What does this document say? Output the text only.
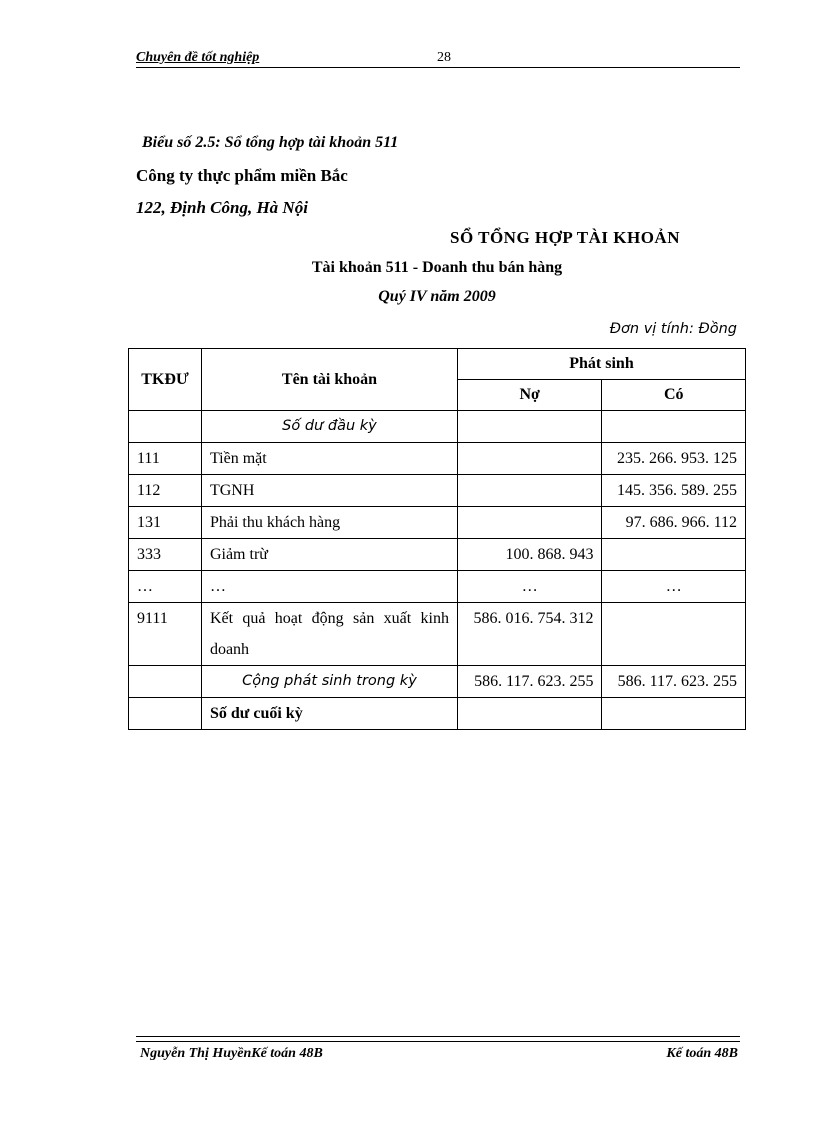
Chuyên đề tốt nghiệp	28
Biểu số 2.5: Sổ tổng hợp tài khoản 511
Công ty thực phẩm miền Bắc
122, Định Công, Hà Nội
SỔ TỔNG HỢP TÀI KHOẢN
Tài khoản 511 - Doanh thu bán hàng
Quý IV năm 2009
Đơn vị tính: Đồng
TKĐƯ	Tên tài khoản	Phát sinh	
		Nợ	Có
	Số dư đầu kỳ		
111	Tiền mặt		235. 266. 953. 125
112	TGNH		145. 356. 589. 255
131	Phải thu khách hàng		97. 686. 966. 112
333	Giảm trừ	100. 868. 943	
…	…	…	…
9111	Kết quả hoạt động sản xuất kinh doanh	586. 016. 754. 312	
	Cộng phát sinh trong kỳ	586. 117. 623. 255	586. 117. 623. 255
	Số dư cuối kỳ		
Nguyễn Thị HuyềnKế toán 48B	Kế toán 48B
